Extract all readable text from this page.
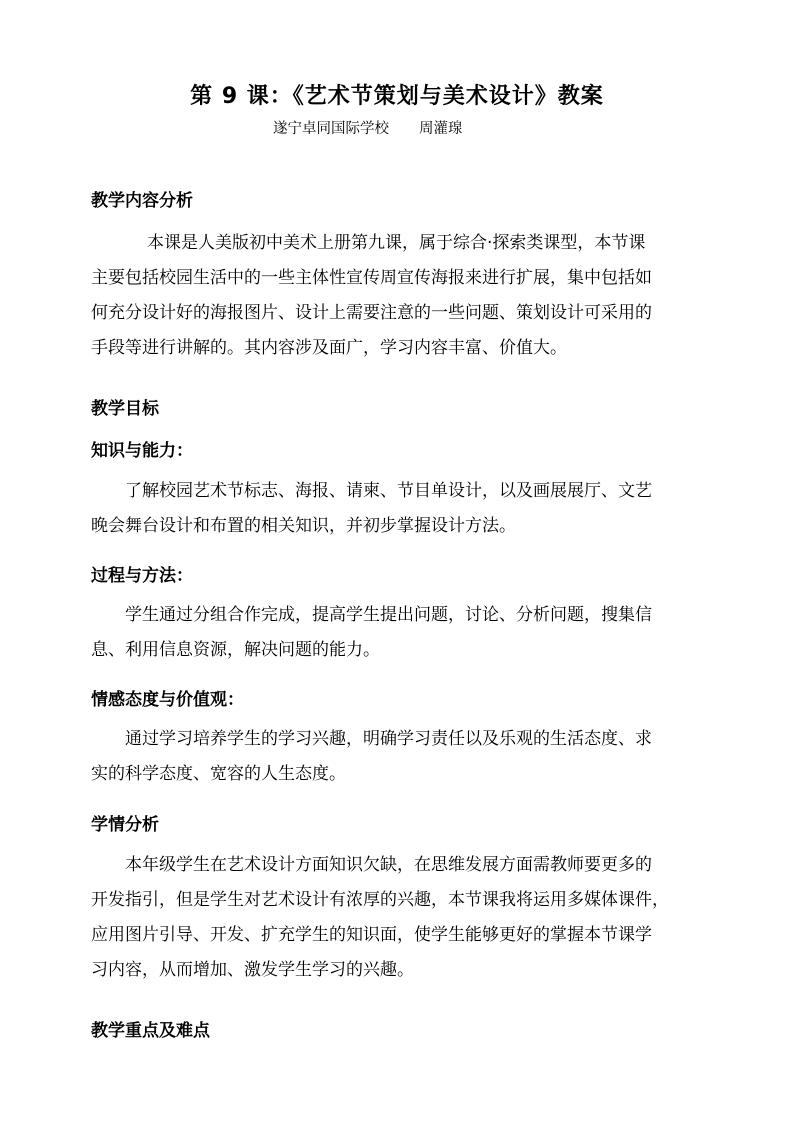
第 9 课：《艺术节策划与美术设计》教案
遂宁卓同国际学校 周灌瑔
教学内容分析
本课是人美版初中美术上册第九课，属于综合·探索类课型，本节课
主要包括校园生活中的一些主体性宣传周宣传海报来进行扩展，集中包括如
何充分设计好的海报图片、设计上需要注意的一些问题、策划设计可采用的
手段等进行讲解的。其内容涉及面广，学习内容丰富、价值大。
教学目标
知识与能力：
了解校园艺术节标志、海报、请柬、节目单设计，以及画展展厅、文艺
晚会舞台设计和布置的相关知识，并初步掌握设计方法。
过程与方法：
学生通过分组合作完成，提高学生提出问题，讨论、分析问题，搜集信
息、利用信息资源，解决问题的能力。
情感态度与价值观：
通过学习培养学生的学习兴趣，明确学习责任以及乐观的生活态度、求
实的科学态度、宽容的人生态度。
学情分析
本年级学生在艺术设计方面知识欠缺，在思维发展方面需教师要更多的
开发指引，但是学生对艺术设计有浓厚的兴趣，本节课我将运用多媒体课件，
应用图片引导、开发、扩充学生的知识面，使学生能够更好的掌握本节课学
习内容，从而增加、激发学生学习的兴趣。
教学重点及难点
